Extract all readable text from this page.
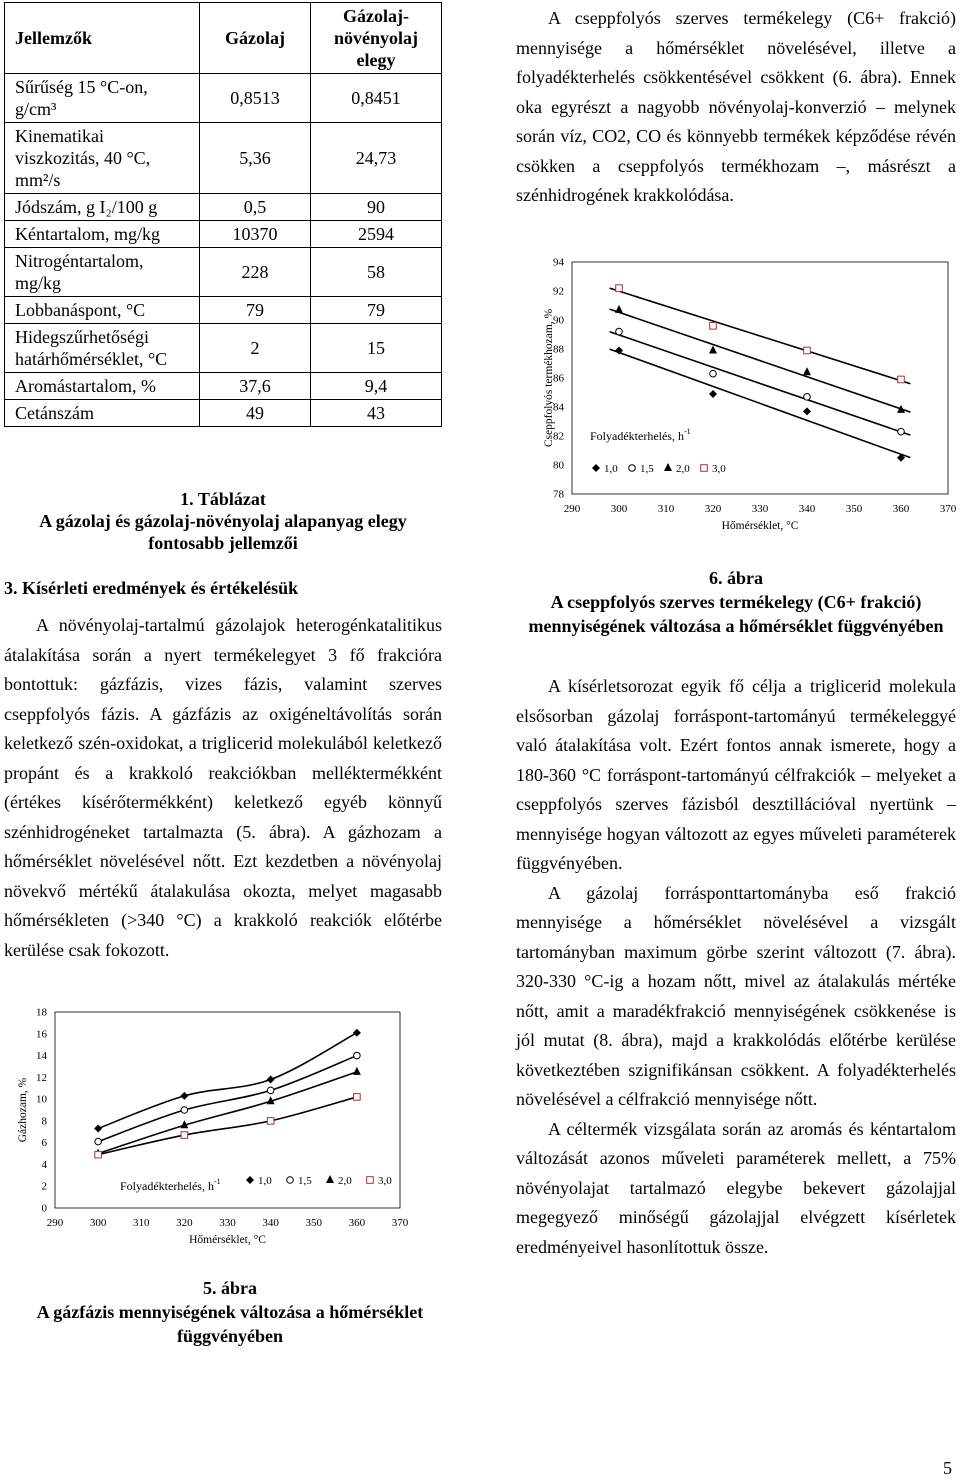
Jellemzők	Gázolaj	Gázolaj-növényolaj elegy
Sűrűség 15 °C-on, g/cm³	0,8513	0,8451
Kinematikai viszkozitás, 40 °C, mm²/s	5,36	24,73
Jódszám, g I₂/100 g	0,5	90
Kéntartalom, mg/kg	10370	2594
Nitrogéntartalom, mg/kg	228	58
Lobbanáspont, °C	79	79
Hidegszűrhetőségi határhőmérséklet, °C	2	15
Aromástartalom, %	37,6	9,4
Cetánszám	49	43
1. Táblázat
A gázolaj és gázolaj-növényolaj alapanyag elegy fontosabb jellemzői
3. Kísérleti eredmények és értékelésük

A növényolaj-tartalmú gázolajok heterogénkatalitikus átalakítása során a nyert termékelegyet 3 fő frakcióra bontottuk: gázfázis, vizes fázis, valamint szerves cseppfolyós fázis. A gázfázis az oxigéneltávolítás során keletkező szén-oxidokat, a triglicerid molekulából keletkező propánt és a krakkoló reakciókban melléktermékként (értékes kísérőtermékként) keletkező egyéb könnyű szénhidrogéneket tartalmazta (5. ábra). A gázhozam a hőmérséklet növelésével nőtt. Ezt kezdetben a növényolaj növekvő mértékű átalakulása okozta, melyet magasabb hőmérsékleten (>340 °C) a krakkoló reakciók előtérbe kerülése csak fokozott.

0
2
4
6
8
10
12
14
16
18
290 300 310 320 330 340 350 360 370
Hőmérséklet, °C
Gázhozam, %
Folyadékterhelés, $h^{-1}$	1,0 1,5 2,0 3,0
5. ábra
A gázfázis mennyiségének változása a hőmérséklet függvényében

A cseppfolyós szerves termékelegy (C6+ frakció) mennyisége a hőmérséklet növelésével, illetve a folyadékterhelés csökkentésével csökkent (6. ábra). Ennek oka egyrészt a nagyobb növényolaj-konverzió – melynek során víz, CO2, CO és könnyebb termékek képződése révén csökken a cseppfolyós termékhozam –, másrészt a szénhidrogének krakkolódása.

78
80
82
84
86
88
90
92
94
290	300	310	320	330	340	350	360	370
Hőmérséklet, °C
Cseppfolyós termékhozam, %	Folyadékterhelés, $h^{-1}$
1,0 1,5 2,0 3,0
6. ábra
A cseppfolyós szerves termékelegy (C6+ frakció) mennyiségének változása a hőmérséklet függvényében

A kísérletsorozat egyik fő célja a triglicerid molekula elsősorban gázolaj forráspont-tartományú termékeleggyé való átalakítása volt. Ezért fontos annak ismerete, hogy a 180-360 °C forráspont-tartományú célfrakciók – melyeket a cseppfolyós szerves fázisból desztillációval nyertünk – mennyisége hogyan változott az egyes műveleti paraméterek függvényében.

A gázolaj forrásponttartományba eső frakció mennyisége a hőmérséklet növelésével a vizsgált tartományban maximum görbe szerint változott (7. ábra). 320-330 °C-ig a hozam nőtt, mivel az átalakulás mértéke nőtt, amit a maradékfrakció mennyiségének csökkenése is jól mutat (8. ábra), majd a krakkolódás előtérbe kerülése következtében szignifikánsan csökkent. A folyadékterhelés növelésével a célfrakció mennyisége nőtt.

A céltermék vizsgálata során az aromás és kéntartalom változását azonos műveleti paraméterek mellett, a 75% növényolajat tartalmazó elegybe bekevert gázolajjal megegyező minőségű gázolajjal elvégzett kísérletek eredményeivel hasonlítottuk össze.

5
